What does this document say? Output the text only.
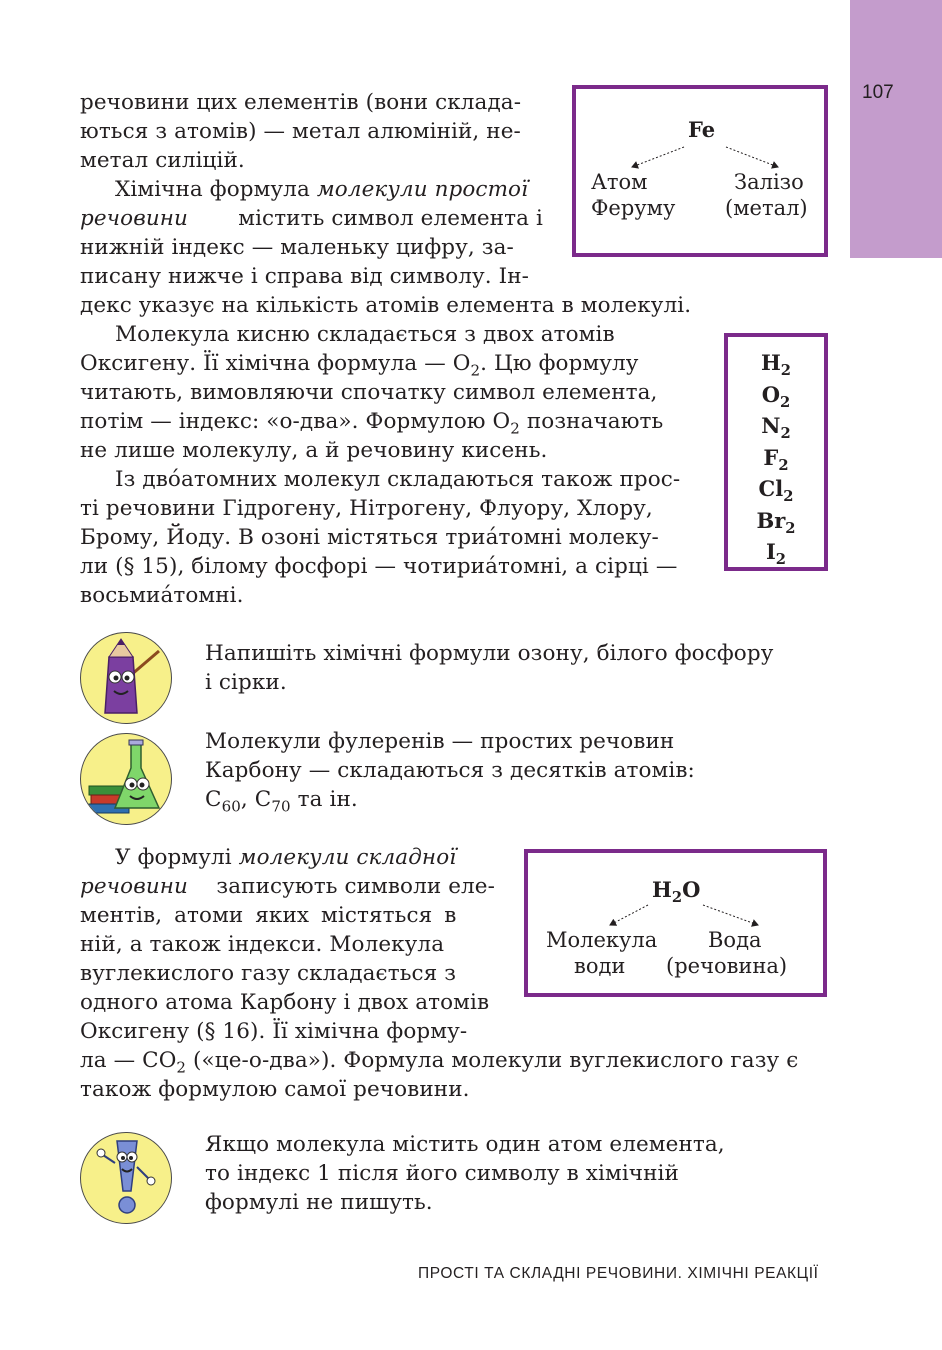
107
речовини цих елементів (вони склада-
ються з атомів) — метал алюміній, не-
метал силіцій.
Хімічна формула молекули простої
речовини містить символ елемента і
нижній індекс — маленьку цифру, за-
писану нижче і справа від символу. Ін-
декс указує на кількість атомів елемента в молекулі.
Fe
Атом
Феруму
Залізо
(метал)
Молекула кисню складається з двох атомів
Оксигену. Її хімічна формула — $O_2$. Цю формулу
читають, вимовляючи спочатку символ елемента,
потім — індекс: «о-два». Формулою $O_2$ позначають
не лише молекулу, а й речовину кисень.
Із дво́атомних молекул складаються також прос-
ті речовини Гідрогену, Нітрогену, Флуору, Хлору,
Брому, Йоду. В озоні містяться триа́томні молеку-
ли (§ 15), білому фосфорі — чотириа́томні, а сірці —
восьмиа́томні.
$H_2$
$O_2$
$N_2$
$F_2$
$Cl_2$
$Br_2$
$I_2$
Напишіть хімічні формули озону, білого фосфору
і сірки.
Молекули фулеренів — простих речовин
Карбону — складаються з десятків атомів:
$C_{60}$, $C_{70}$ та ін.
У формулі молекули складної
речовини записують символи еле-
ментів, атоми яких містяться в
ній, а також індекси. Молекула
вуглекислого газу складається з
одного атома Карбону і двох атомів
Оксигену (§ 16). Її хімічна форму-
ла — $CO_2$ («це-о-два»). Формула молекули вуглекислого газу є
також формулою самої речовини.
$H_2O$
Молекула
води
Вода
(речовина)
Якщо молекула містить один атом елемента,
то індекс 1 після його символу в хімічній
формулі не пишуть.
ПРОСТІ ТА СКЛАДНІ РЕЧОВИНИ. ХІМІЧНІ РЕАКЦІЇ
